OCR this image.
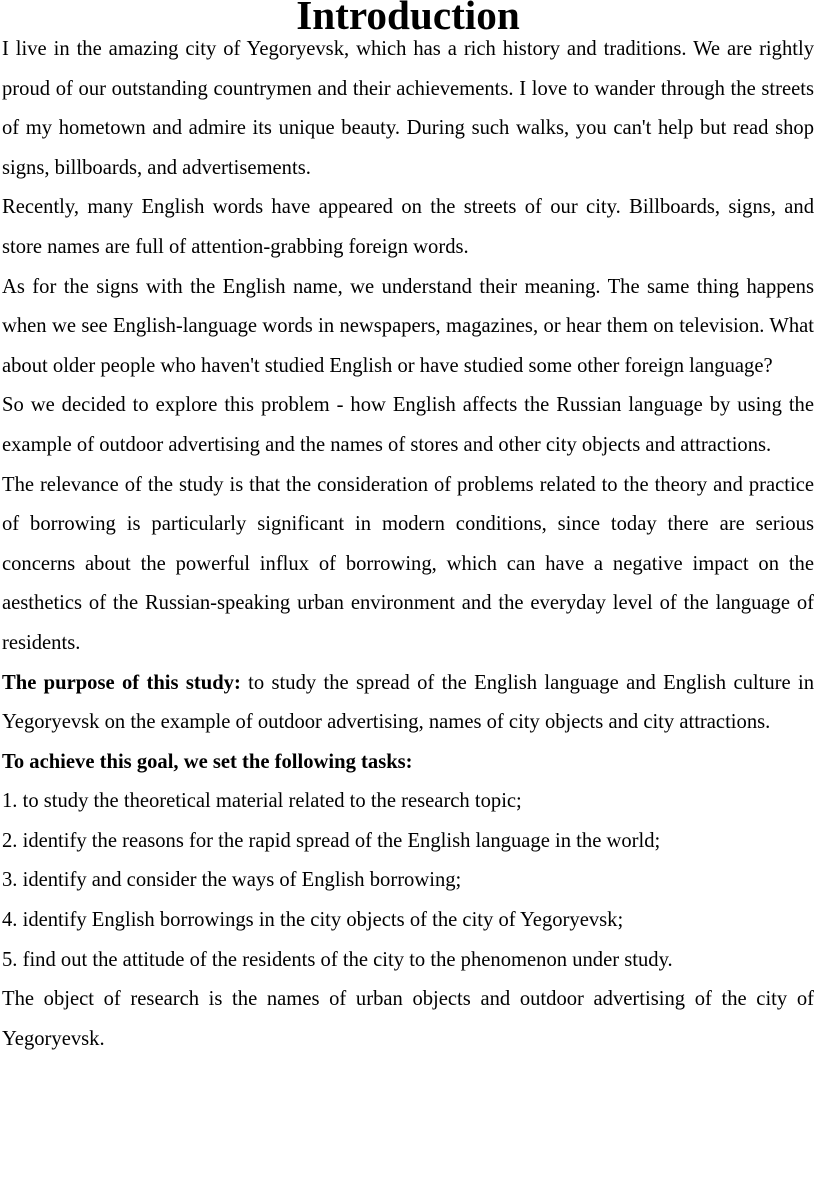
Introduction

I live in the amazing city of Yegoryevsk, which has a rich history and traditions. We are rightly proud of our outstanding countrymen and their achievements. I love to wander through the streets of my hometown and admire its unique beauty. During such walks, you can't help but read shop signs, billboards, and advertisements.

Recently, many English words have appeared on the streets of our city. Billboards, signs, and store names are full of attention-grabbing foreign words.

As for the signs with the English name, we understand their meaning. The same thing happens when we see English-language words in newspapers, magazines, or hear them on television. What about older people who haven't studied English or have studied some other foreign language?

So we decided to explore this problem - how English affects the Russian language by using the example of outdoor advertising and the names of stores and other city objects and attractions.

The relevance of the study is that the consideration of problems related to the theory and practice of borrowing is particularly significant in modern conditions, since today there are serious concerns about the powerful influx of borrowing, which can have a negative impact on the aesthetics of the Russian-speaking urban environment and the everyday level of the language of residents.

The purpose of this study: to study the spread of the English language and English culture in Yegoryevsk on the example of outdoor advertising, names of city objects and city attractions.

To achieve this goal, we set the following tasks:

1. to study the theoretical material related to the research topic;

2. identify the reasons for the rapid spread of the English language in the world;

3. identify and consider the ways of English borrowing;

4. identify English borrowings in the city objects of the city of Yegoryevsk;

5. find out the attitude of the residents of the city to the phenomenon under study.

The object of research is the names of urban objects and outdoor advertising of the city of Yegoryevsk.
